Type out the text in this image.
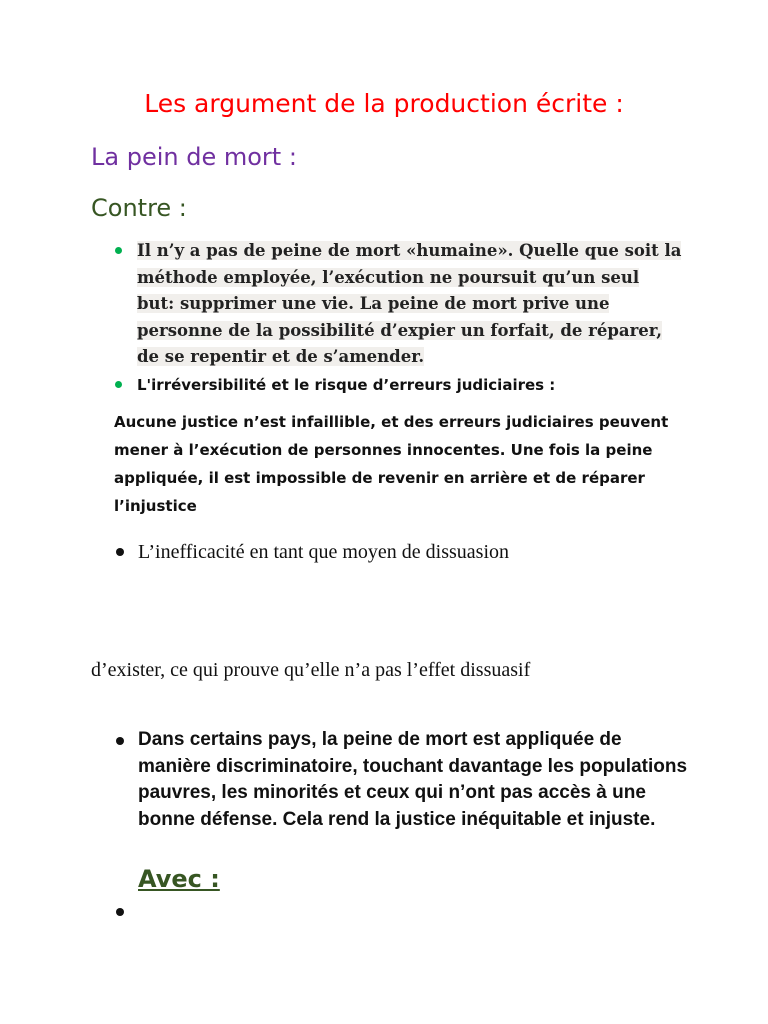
Les argument de la production écrite :
La pein de mort :
Contre :
Il n’y a pas de peine de mort «humaine». Quelle que soit la méthode employée, l’exécution ne poursuit qu’un seul but: supprimer une vie. La peine de mort prive une personne de la possibilité d’expier un forfait, de réparer, de se repentir et de s’amender.
L'irréversibilité et le risque d’erreurs judiciaires :
Aucune justice n’est infaillible, et des erreurs judiciaires peuvent mener à l’exécution de personnes innocentes. Une fois la peine appliquée, il est impossible de revenir en arrière et de réparer l’injustice
L’inefficacité en tant que moyen de dissuasion
d’exister, ce qui prouve qu’elle n’a pas l’effet dissuasif
Dans certains pays, la peine de mort est appliquée de manière discriminatoire, touchant davantage les populations pauvres, les minorités et ceux qui n’ont pas accès à une bonne défense. Cela rend la justice inéquitable et injuste.
Avec :
